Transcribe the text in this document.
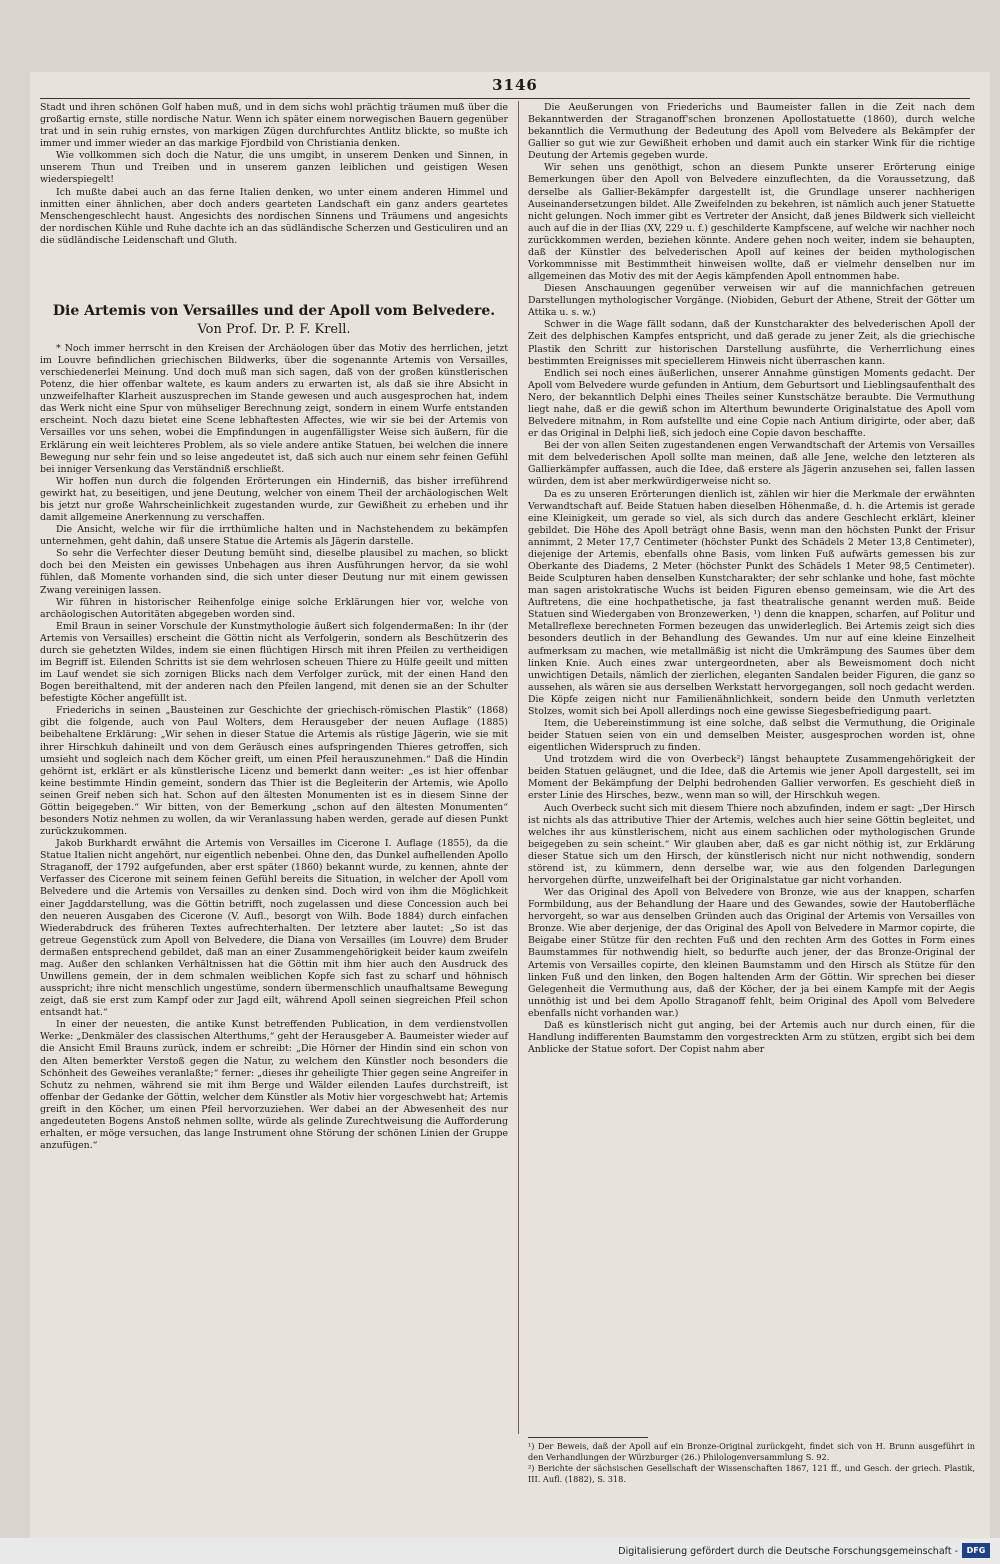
3146

Stadt und ihren schönen Golf haben muß, und in dem sichs wohl prächtig träumen muß über die großartig ernste, stille nordische Natur. Wenn ich später einem norwegischen Bauern gegenüber trat und in sein ruhig ernstes, von markigen Zügen durchfurchtes Antlitz blickte, so mußte ich immer und immer wieder an das markige Fjordbild von Christiania denken.

Wie vollkommen sich doch die Natur, die uns umgibt, in unserem Denken und Sinnen, in unserem Thun und Treiben und in unserem ganzen leiblichen und geistigen Wesen wiederspiegelt!

Ich mußte dabei auch an das ferne Italien denken, wo unter einem anderen Himmel und inmitten einer ähnlichen, aber doch anders gearteten Landschaft ein ganz anders geartetes Menschengeschlecht haust. Angesichts des nordischen Sinnens und Träumens und angesichts der nordischen Kühle und Ruhe dachte ich an das südländische Scherzen und Gesticuliren und an die südländische Leidenschaft und Gluth.

Die Artemis von Versailles und der Apoll vom Belvedere.
Von Prof. Dr. P. F. Krell.

* Noch immer herrscht in den Kreisen der Archäologen über das Motiv des herrlichen, jetzt im Louvre befindlichen griechischen Bildwerks, über die sogenannte Artemis von Versailles, verschiedenerlei Meinung. Und doch muß man sich sagen, daß von der großen künstlerischen Potenz, die hier offenbar waltete, es kaum anders zu erwarten ist, als daß sie ihre Absicht in unzweifelhafter Klarheit auszusprechen im Stande gewesen und auch ausgesprochen hat, indem das Werk nicht eine Spur von mühseliger Berechnung zeigt, sondern in einem Wurfe entstanden erscheint. Noch dazu bietet eine Scene lebhaftesten Affectes, wie wir sie bei der Artemis von Versailles vor uns sehen, wobei die Empfindungen in augenfälligster Weise sich äußern, für die Erklärung ein weit leichteres Problem, als so viele andere antike Statuen, bei welchen die innere Bewegung nur sehr fein und so leise angedeutet ist, daß sich auch nur einem sehr feinen Gefühl bei inniger Versenkung das Verständniß erschließt.

Wir hoffen nun durch die folgenden Erörterungen ein Hinderniß, das bisher irreführend gewirkt hat, zu beseitigen, und jene Deutung, welcher von einem Theil der archäologischen Welt bis jetzt nur große Wahrscheinlichkeit zugestanden wurde, zur Gewißheit zu erheben und ihr damit allgemeine Anerkennung zu verschaffen.

Die Ansicht, welche wir für die irrthümliche halten und in Nachstehendem zu bekämpfen unternehmen, geht dahin, daß unsere Statue die Artemis als Jägerin darstelle.

So sehr die Verfechter dieser Deutung bemüht sind, dieselbe plausibel zu machen, so blickt doch bei den Meisten ein gewisses Unbehagen aus ihren Ausführungen hervor, da sie wohl fühlen, daß Momente vorhanden sind, die sich unter dieser Deutung nur mit einem gewissen Zwang vereinigen lassen.

Wir führen in historischer Reihenfolge einige solche Erklärungen hier vor, welche von archäologischen Autoritäten abgegeben worden sind.

Emil Braun in seiner Vorschule der Kunstmythologie äußert sich folgendermaßen: In ihr (der Artemis von Versailles) erscheint die Göttin nicht als Verfolgerin, sondern als Beschützerin des durch sie gehetzten Wildes, indem sie einen flüchtigen Hirsch mit ihren Pfeilen zu vertheidigen im Begriff ist. Eilenden Schritts ist sie dem wehrlosen scheuen Thiere zu Hülfe geeilt und mitten im Lauf wendet sie sich zornigen Blicks nach dem Verfolger zurück, mit der einen Hand den Bogen bereithaltend, mit der anderen nach den Pfeilen langend, mit denen sie an der Schulter befestigte Köcher angefüllt ist.

Friederichs in seinen „Bausteinen zur Geschichte der griechisch-römischen Plastik“ (1868) gibt die folgende, auch von Paul Wolters, dem Herausgeber der neuen Auflage (1885) beibehaltene Erklärung: „Wir sehen in dieser Statue die Artemis als rüstige Jägerin, wie sie mit ihrer Hirschkuh dahineilt und von dem Geräusch eines aufspringenden Thieres getroffen, sich umsieht und sogleich nach dem Köcher greift, um einen Pfeil herauszunehmen.“ Daß die Hindin gehörnt ist, erklärt er als künstlerische Licenz und bemerkt dann weiter: „es ist hier offenbar keine bestimmte Hindin gemeint, sondern das Thier ist die Begleiterin der Artemis, wie Apollo seinen Greif neben sich hat. Schon auf den ältesten Monumenten ist es in diesem Sinne der Göttin beigegeben.“ Wir bitten, von der Bemerkung „schon auf den ältesten Monumenten“ besonders Notiz nehmen zu wollen, da wir Veranlassung haben werden, gerade auf diesen Punkt zurückzukommen.

Jakob Burkhardt erwähnt die Artemis von Versailles im Cicerone I. Auflage (1855), da die Statue Italien nicht angehört, nur eigentlich nebenbei. Ohne den, das Dunkel aufhellenden Apollo Straganoff, der 1792 aufgefunden, aber erst später (1860) bekannt wurde, zu kennen, ahnte der Verfasser des Cicerone mit seinem feinen Gefühl bereits die Situation, in welcher der Apoll vom Belvedere und die Artemis von Versailles zu denken sind. Doch wird von ihm die Möglichkeit einer Jagddarstellung, was die Göttin betrifft, noch zugelassen und diese Concession auch bei den neueren Ausgaben des Cicerone (V. Aufl., besorgt von Wilh. Bode 1884) durch einfachen Wiederabdruck des früheren Textes aufrechterhalten. Der letztere aber lautet: „So ist das getreue Gegenstück zum Apoll von Belvedere, die Diana von Versailles (im Louvre) dem Bruder dermaßen entsprechend gebildet, daß man an einer Zusammengehörigkeit beider kaum zweifeln mag. Außer den schlanken Verhältnissen hat die Göttin mit ihm hier auch den Ausdruck des Unwillens gemein, der in dem schmalen weiblichen Kopfe sich fast zu scharf und höhnisch ausspricht; ihre nicht menschlich ungestüme, sondern übermenschlich unaufhaltsame Bewegung zeigt, daß sie erst zum Kampf oder zur Jagd eilt, während Apoll seinen siegreichen Pfeil schon entsandt hat.“

In einer der neuesten, die antike Kunst betreffenden Publication, in dem verdienstvollen Werke: „Denkmäler des classischen Alterthums,“ geht der Herausgeber A. Baumeister wieder auf die Ansicht Emil Brauns zurück, indem er schreibt: „Die Hörner der Hindin sind ein schon von den Alten bemerkter Verstoß gegen die Natur, zu welchem den Künstler noch besonders die Schönheit des Geweihes veranlaßte;“ ferner: „dieses ihr geheiligte Thier gegen seine Angreifer in Schutz zu nehmen, während sie mit ihm Berge und Wälder eilenden Laufes durchstreift, ist offenbar der Gedanke der Göttin, welcher dem Künstler als Motiv hier vorgeschwebt hat; Artemis greift in den Köcher, um einen Pfeil hervorzuziehen. Wer dabei an der Abwesenheit des nur angedeuteten Bogens Anstoß nehmen sollte, würde als gelinde Zurechtweisung die Aufforderung erhalten, er möge versuchen, das lange Instrument ohne Störung der schönen Linien der Gruppe anzufügen.“

Die Aeußerungen von Friederichs und Baumeister fallen in die Zeit nach dem Bekanntwerden der Straganoff'schen bronzenen Apollostatuette (1860), durch welche bekanntlich die Vermuthung der Bedeutung des Apoll vom Belvedere als Bekämpfer der Gallier so gut wie zur Gewißheit erhoben und damit auch ein starker Wink für die richtige Deutung der Artemis gegeben wurde.

Wir sehen uns genöthigt, schon an diesem Punkte unserer Erörterung einige Bemerkungen über den Apoll von Belvedere einzuflechten, da die Voraussetzung, daß derselbe als Gallier-Bekämpfer dargestellt ist, die Grundlage unserer nachherigen Auseinandersetzungen bildet. Alle Zweifelnden zu bekehren, ist nämlich auch jener Statuette nicht gelungen. Noch immer gibt es Vertreter der Ansicht, daß jenes Bildwerk sich vielleicht auch auf die in der Ilias (XV, 229 u. f.) geschilderte Kampfscene, auf welche wir nachher noch zurückkommen werden, beziehen könnte. Andere gehen noch weiter, indem sie behaupten, daß der Künstler des belvederischen Apoll auf keines der beiden mythologischen Vorkommnisse mit Bestimmtheit hinweisen wollte, daß er vielmehr denselben nur im allgemeinen das Motiv des mit der Aegis kämpfenden Apoll entnommen habe.

Diesen Anschauungen gegenüber verweisen wir auf die mannichfachen getreuen Darstellungen mythologischer Vorgänge. (Niobiden, Geburt der Athene, Streit der Götter um Attika u. s. w.)

Schwer in die Wage fällt sodann, daß der Kunstcharakter des belvederischen Apoll der Zeit des delphischen Kampfes entspricht, und daß gerade zu jener Zeit, als die griechische Plastik den Schritt zur historischen Darstellung ausführte, die Verherrlichung eines bestimmten Ereignisses mit speciellerem Hinweis nicht überraschen kann.

Endlich sei noch eines äußerlichen, unserer Annahme günstigen Moments gedacht. Der Apoll vom Belvedere wurde gefunden in Antium, dem Geburtsort und Lieblingsaufenthalt des Nero, der bekanntlich Delphi eines Theiles seiner Kunstschätze beraubte. Die Vermuthung liegt nahe, daß er die gewiß schon im Alterthum bewunderte Originalstatue des Apoll vom Belvedere mitnahm, in Rom aufstellte und eine Copie nach Antium dirigirte, oder aber, daß er das Original in Delphi ließ, sich jedoch eine Copie davon beschaffte.

Bei der von allen Seiten zugestandenen engen Verwandtschaft der Artemis von Versailles mit dem belvederischen Apoll sollte man meinen, daß alle Jene, welche den letzteren als Gallierkämpfer auffassen, auch die Idee, daß erstere als Jägerin anzusehen sei, fallen lassen würden, dem ist aber merkwürdigerweise nicht so.

Da es zu unseren Erörterungen dienlich ist, zählen wir hier die Merkmale der erwähnten Verwandtschaft auf. Beide Statuen haben dieselben Höhenmaße, d. h. die Artemis ist gerade eine Kleinigkeit, um gerade so viel, als sich durch das andere Geschlecht erklärt, kleiner gebildet. Die Höhe des Apoll beträgt ohne Basis, wenn man den höchsten Punkt der Frisur annimmt, 2 Meter 17,7 Centimeter (höchster Punkt des Schädels 2 Meter 13,8 Centimeter), diejenige der Artemis, ebenfalls ohne Basis, vom linken Fuß aufwärts gemessen bis zur Oberkante des Diadems, 2 Meter (höchster Punkt des Schädels 1 Meter 98,5 Centimeter). Beide Sculpturen haben denselben Kunstcharakter; der sehr schlanke und hohe, fast möchte man sagen aristokratische Wuchs ist beiden Figuren ebenso gemeinsam, wie die Art des Auftretens, die eine hochpathetische, ja fast theatralische genannt werden muß. Beide Statuen sind Wiedergaben von Bronzewerken, ¹) denn die knappen, scharfen, auf Politur und Metallreflexe berechneten Formen bezeugen das unwiderleglich. Bei Artemis zeigt sich dies besonders deutlich in der Behandlung des Gewandes. Um nur auf eine kleine Einzelheit aufmerksam zu machen, wie metallmäßig ist nicht die Umkrämpung des Saumes über dem linken Knie. Auch eines zwar untergeordneten, aber als Beweismoment doch nicht unwichtigen Details, nämlich der zierlichen, eleganten Sandalen beider Figuren, die ganz so aussehen, als wären sie aus derselben Werkstatt hervorgegangen, soll noch gedacht werden. Die Köpfe zeigen nicht nur Familienähnlichkeit, sondern beide den Unmuth verletzten Stolzes, womit sich bei Apoll allerdings noch eine gewisse Siegesbefriedigung paart.

Item, die Uebereinstimmung ist eine solche, daß selbst die Vermuthung, die Originale beider Statuen seien von ein und demselben Meister, ausgesprochen worden ist, ohne eigentlichen Widerspruch zu finden.

Und trotzdem wird die von Overbeck²) längst behauptete Zusammengehörigkeit der beiden Statuen geläugnet, und die Idee, daß die Artemis wie jener Apoll dargestellt, sei im Moment der Bekämpfung der Delphi bedrohenden Gallier verworfen. Es geschieht dieß in erster Linie des Hirsches, bezw., wenn man so will, der Hirschkuh wegen.

Auch Overbeck sucht sich mit diesem Thiere noch abzufinden, indem er sagt: „Der Hirsch ist nichts als das attributive Thier der Artemis, welches auch hier seine Göttin begleitet, und welches ihr aus künstlerischem, nicht aus einem sachlichen oder mythologischen Grunde beigegeben zu sein scheint.“ Wir glauben aber, daß es gar nicht nöthig ist, zur Erklärung dieser Statue sich um den Hirsch, der künstlerisch nicht nur nicht nothwendig, sondern störend ist, zu kümmern, denn derselbe war, wie aus den folgenden Darlegungen hervorgehen dürfte, unzweifelhaft bei der Originalstatue gar nicht vorhanden.

Wer das Original des Apoll von Belvedere von Bronze, wie aus der knappen, scharfen Formbildung, aus der Behandlung der Haare und des Gewandes, sowie der Hautoberfläche hervorgeht, so war aus denselben Gründen auch das Original der Artemis von Versailles von Bronze. Wie aber derjenige, der das Original des Apoll von Belvedere in Marmor copirte, die Beigabe einer Stütze für den rechten Fuß und den rechten Arm des Gottes in Form eines Baumstammes für nothwendig hielt, so bedurfte auch jener, der das Bronze-Original der Artemis von Versailles copirte, den kleinen Baumstamm und den Hirsch als Stütze für den linken Fuß und den linken, den Bogen haltenden Arm der Göttin. Wir sprechen bei dieser Gelegenheit die Vermuthung aus, daß der Köcher, der ja bei einem Kampfe mit der Aegis unnöthig ist und bei dem Apollo Straganoff fehlt, beim Original des Apoll vom Belvedere ebenfalls nicht vorhanden war.)

Daß es künstlerisch nicht gut anging, bei der Artemis auch nur durch einen, für die Handlung indifferenten Baumstamm den vorgestreckten Arm zu stützen, ergibt sich bei dem Anblicke der Statue sofort. Der Copist nahm aber

¹) Der Beweis, daß der Apoll auf ein Bronze-Original zurückgeht, findet sich von H. Brunn ausgeführt in den Verhandlungen der Würzburger (26.) Philologenversammlung S. 92.

²) Berichte der sächsischen Gesellschaft der Wissenschaften 1867, 121 ff., und Gesch. der griech. Plastik, III. Aufl. (1882), S. 318.

Digitalisierung gefördert durch die Deutsche Forschungsgemeinschaft -	DFG
